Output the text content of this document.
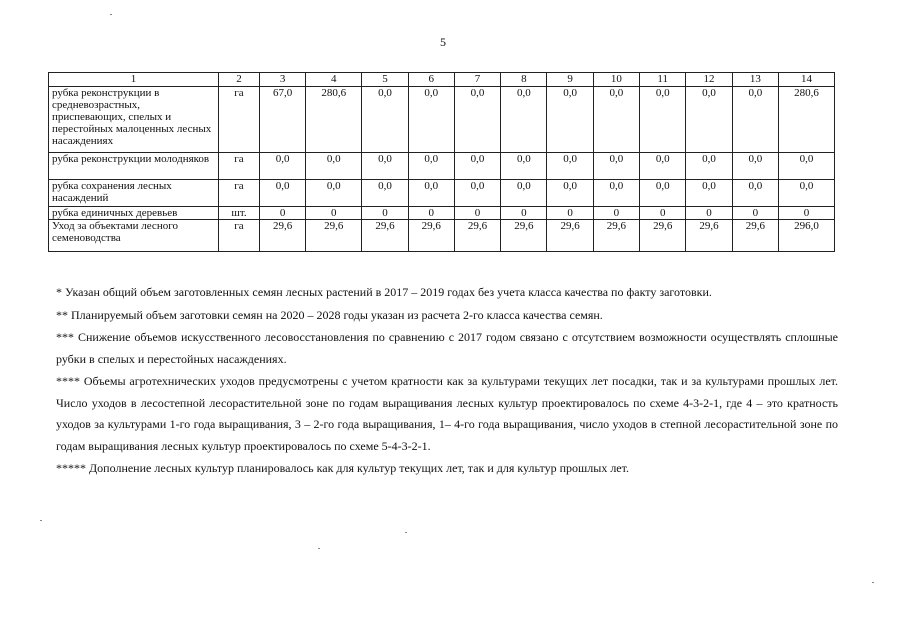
5
1	2	3	4	5	6	7	8	9	10	11	12	13	14
рубка реконструкции в средневозрастных, приспевающих, спелых и перестойных малоценных лесных насаждениях	га	67,0	280,6	0,0	0,0	0,0	0,0	0,0	0,0	0,0	0,0	0,0	280,6
рубка реконструкции молодняков	га	0,0	0,0	0,0	0,0	0,0	0,0	0,0	0,0	0,0	0,0	0,0	0,0
рубка сохранения лесных насаждений	га	0,0	0,0	0,0	0,0	0,0	0,0	0,0	0,0	0,0	0,0	0,0	0,0
рубка единичных деревьев	шт.	0	0	0	0	0	0	0	0	0	0	0	0
Уход за объектами лесного семеноводства	га	29,6	29,6	29,6	29,6	29,6	29,6	29,6	29,6	29,6	29,6	29,6	296,0

* Указан общий объем заготовленных семян лесных растений в 2017 – 2019 годах без учета класса качества по факту заготовки.

** Планируемый объем заготовки семян на 2020 – 2028 годы указан из расчета 2-го класса качества семян.

*** Снижение объемов искусственного лесовосстановления по сравнению с 2017 годом связано с отсутствием возможности осуществлять сплошные рубки в спелых и перестойных насаждениях.

**** Объемы агротехнических уходов предусмотрены с учетом кратности как за культурами текущих лет посадки, так и за культурами прошлых лет. Число уходов в лесостепной лесорастительной зоне по годам выращивания лесных культур проектировалось по схеме 4-3-2-1, где 4 – это кратность уходов за культурами 1-го года выращивания, 3 – 2-го года выращивания, 1– 4-го года выращивания, число уходов в степной лесорастительной зоне по годам выращивания лесных культур проектировалось по схеме 5-4-3-2-1.

***** Дополнение лесных культур планировалось как для культур текущих лет, так и для культур прошлых лет.
